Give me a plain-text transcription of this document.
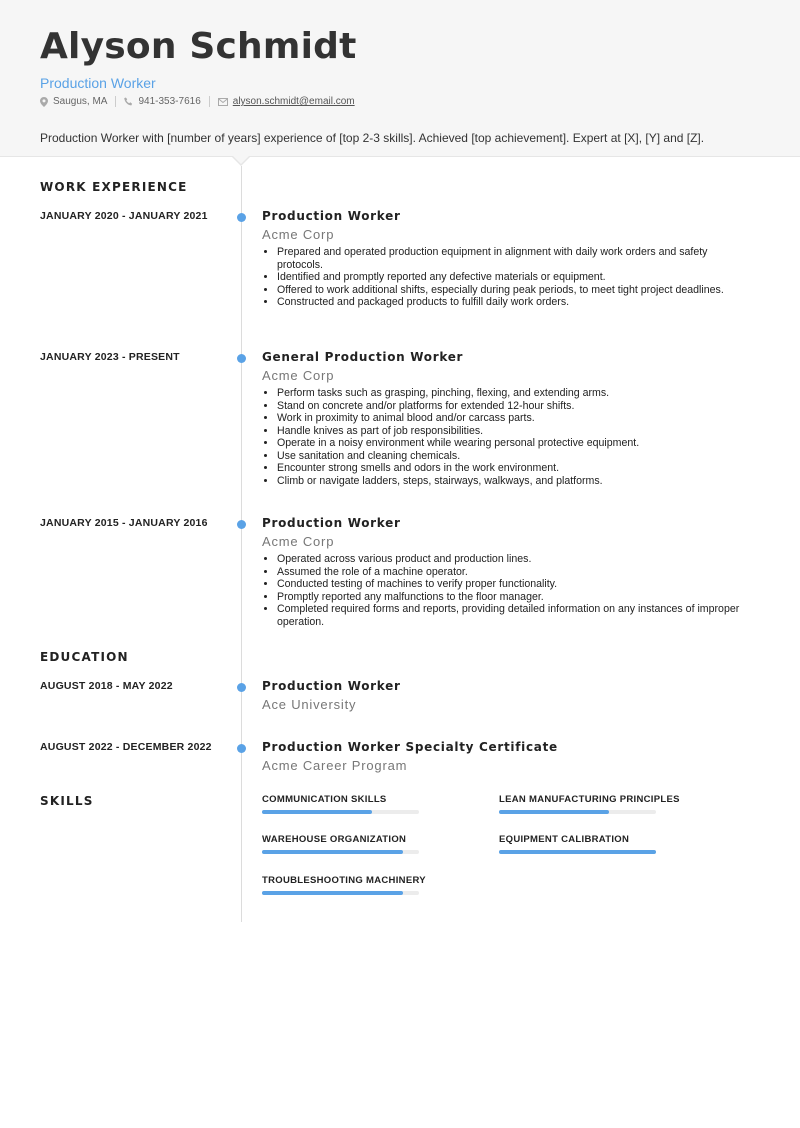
Alyson Schmidt
Production Worker
Saugus, MA	941-353-7616	alyson.schmidt@email.com
Production Worker with [number of years] experience of [top 2-3 skills]. Achieved [top achievement]. Expert at [X], [Y] and [Z].
WORK EXPERIENCE
JANUARY 2020 - JANUARY 2021	Production Worker
Acme Corp
• Prepared and operated production equipment in alignment with daily work orders and safety protocols.
• Identified and promptly reported any defective materials or equipment.
• Offered to work additional shifts, especially during peak periods, to meet tight project deadlines.
• Constructed and packaged products to fulfill daily work orders.
JANUARY 2023 - PRESENT	General Production Worker
Acme Corp
• Perform tasks such as grasping, pinching, flexing, and extending arms.
• Stand on concrete and/or platforms for extended 12-hour shifts.
• Work in proximity to animal blood and/or carcass parts.
• Handle knives as part of job responsibilities.
• Operate in a noisy environment while wearing personal protective equipment.
• Use sanitation and cleaning chemicals.
• Encounter strong smells and odors in the work environment.
• Climb or navigate ladders, steps, stairways, walkways, and platforms.
JANUARY 2015 - JANUARY 2016	Production Worker
Acme Corp
• Operated across various product and production lines.
• Assumed the role of a machine operator.
• Conducted testing of machines to verify proper functionality.
• Promptly reported any malfunctions to the floor manager.
• Completed required forms and reports, providing detailed information on any instances of improper operation.
EDUCATION
AUGUST 2018 - MAY 2022	Production Worker
Ace University
AUGUST 2022 - DECEMBER 2022	Production Worker Specialty Certificate
Acme Career Program
SKILLS	COMMUNICATION SKILLS	LEAN MANUFACTURING PRINCIPLES
WAREHOUSE ORGANIZATION	EQUIPMENT CALIBRATION
TROUBLESHOOTING MACHINERY
